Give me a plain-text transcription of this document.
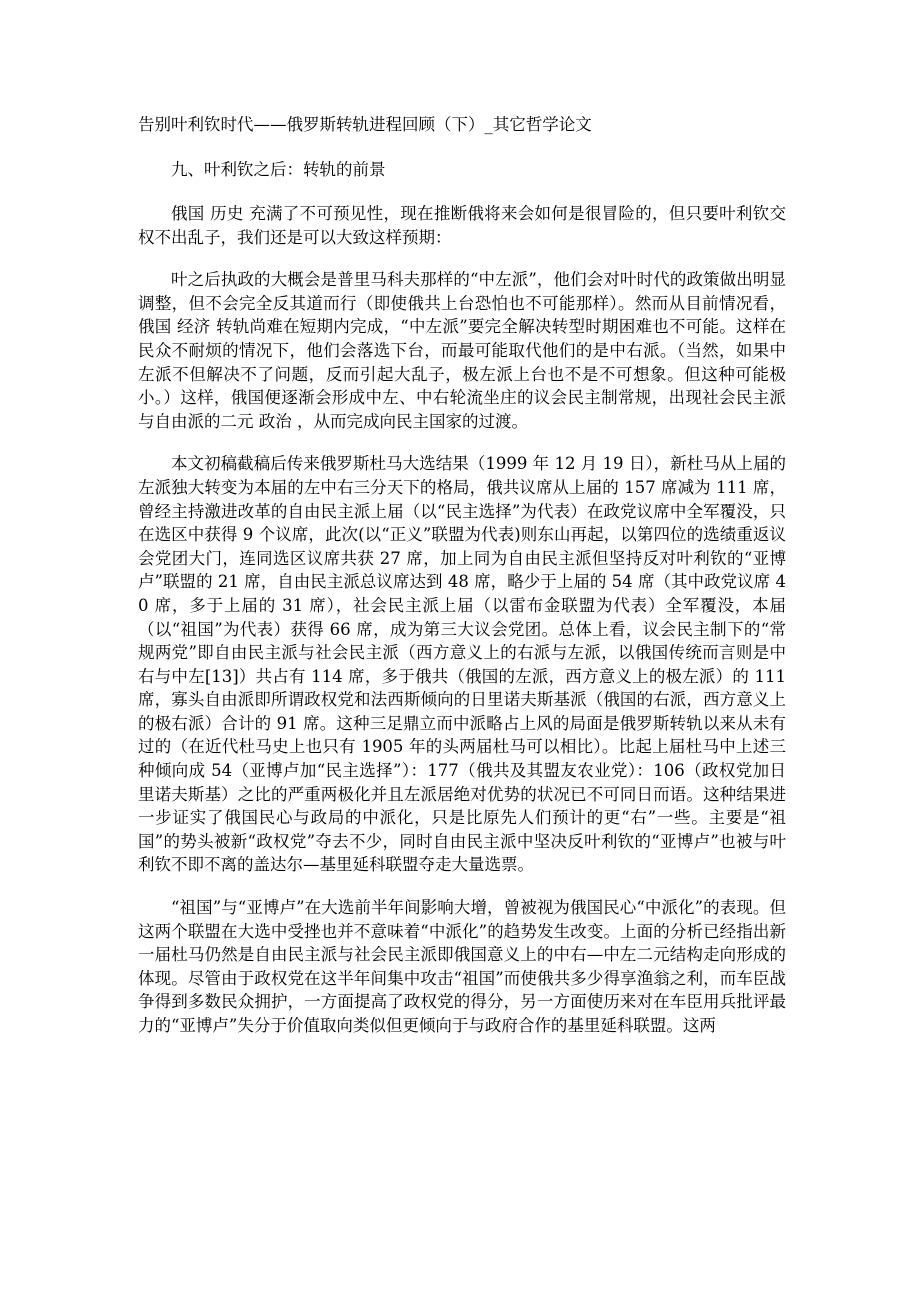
告别叶利钦时代——俄罗斯转轨进程回顾（下）_其它哲学论文
九、叶利钦之后：转轨的前景

俄国 历史 充满了不可预见性，现在推断俄将来会如何是很冒险的，但只要叶利钦交权不出乱子，我们还是可以大致这样预期：

叶之后执政的大概会是普里马科夫那样的“中左派”，他们会对叶时代的政策做出明显调整，但不会完全反其道而行（即使俄共上台恐怕也不可能那样）。然而从目前情况看，俄国 经济 转轨尚难在短期内完成，“中左派”要完全解决转型时期困难也不可能。这样在民众不耐烦的情况下，他们会落选下台，而最可能取代他们的是中右派。（当然，如果中左派不但解决不了问题，反而引起大乱子，极左派上台也不是不可想象。但这种可能极小。）这样，俄国便逐渐会形成中左、中右轮流坐庄的议会民主制常规，出现社会民主派与自由派的二元 政治 ，从而完成向民主国家的过渡。

本文初稿截稿后传来俄罗斯杜马大选结果（1999 年 12 月 19 日），新杜马从上届的左派独大转变为本届的左中右三分天下的格局，俄共议席从上届的 157 席减为 111 席，曾经主持激进改革的自由民主派上届（以“民主选择”为代表）在政党议席中全军覆没，只在选区中获得 9 个议席，此次(以“正义”联盟为代表)则东山再起，以第四位的选绩重返议会党团大门，连同选区议席共获 27 席，加上同为自由民主派但坚持反对叶利钦的“亚博卢”联盟的 21 席，自由民主派总议席达到 48 席，略少于上届的 54 席（其中政党议席 40 席，多于上届的 31 席），社会民主派上届（以雷布金联盟为代表）全军覆没，本届（以“祖国”为代表）获得 66 席，成为第三大议会党团。总体上看，议会民主制下的“常规两党”即自由民主派与社会民主派（西方意义上的右派与左派，以俄国传统而言则是中右与中左[13]）共占有 114 席，多于俄共（俄国的左派，西方意义上的极左派）的 111 席，寡头自由派即所谓政权党和法西斯倾向的日里诺夫斯基派（俄国的右派，西方意义上的极右派）合计的 91 席。这种三足鼎立而中派略占上风的局面是俄罗斯转轨以来从未有过的（在近代杜马史上也只有 1905 年的头两届杜马可以相比）。比起上届杜马中上述三种倾向成 54（亚博卢加“民主选择”）：177（俄共及其盟友农业党）：106（政权党加日里诺夫斯基）之比的严重两极化并且左派居绝对优势的状况已不可同日而语。这种结果进一步证实了俄国民心与政局的中派化，只是比原先人们预计的更“右”一些。主要是“祖国”的势头被新“政权党”夺去不少，同时自由民主派中坚决反叶利钦的“亚博卢”也被与叶利钦不即不离的盖达尔—基里延科联盟夺走大量选票。

“祖国”与“亚博卢”在大选前半年间影响大增，曾被视为俄国民心“中派化”的表现。但这两个联盟在大选中受挫也并不意味着“中派化”的趋势发生改变。上面的分析已经指出新一届杜马仍然是自由民主派与社会民主派即俄国意义上的中右—中左二元结构走向形成的体现。尽管由于政权党在这半年间集中攻击“祖国”而使俄共多少得享渔翁之利，而车臣战争得到多数民众拥护，一方面提高了政权党的得分，另一方面使历来对在车臣用兵批评最力的“亚博卢”失分于价值取向类似但更倾向于与政府合作的基里延科联盟。这两
